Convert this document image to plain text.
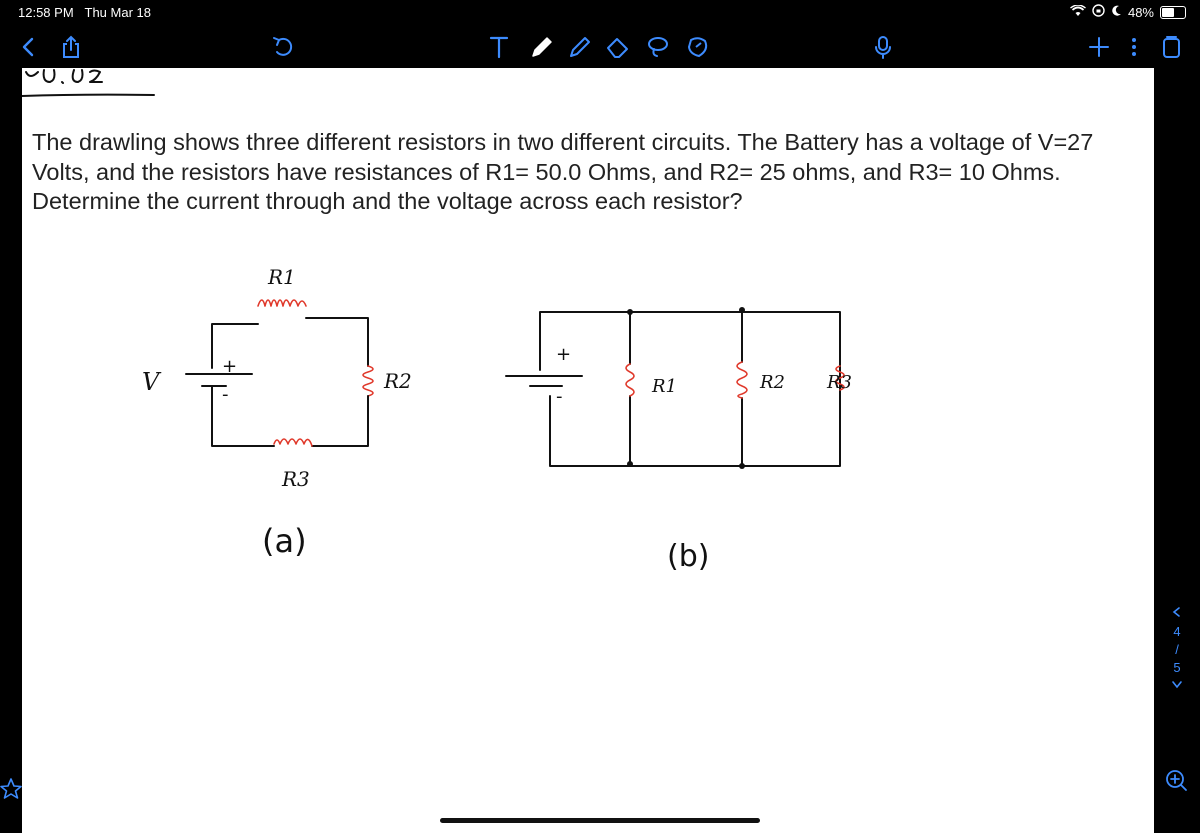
12:58 PM Thu Mar 18	48%
4
/
5

The drawling shows three different resistors in two different circuits. The Battery has a voltage of V=27 Volts, and the resistors have resistances of R1= 50.0 Ohms, and R2= 25 ohms, and R3= 10 Ohms. Determine the current through and the voltage across each resistor?

R1
R2
+
-
V
R3
(a)
+
-	R1	R2 R3
(b)
